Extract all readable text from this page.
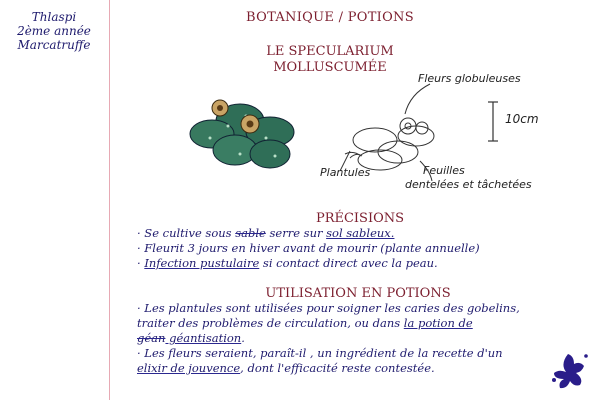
Thlaspi
2ème année
Marcatruffe
BOTANIQUE / POTIONS
LE SPECULARIUM
MOLLUSCUMÉE
Fleurs globuleuses
10cm
Plantules	Feuilles
dentelées et tâchetées
PRÉCISIONS
· Se cultive sous sable serre sur sol sableux.
· Fleurit 3 jours en hiver avant de mourir (plante annuelle)
· Infection pustulaire si contact direct avec la peau.
UTILISATION EN POTIONS
· Les plantules sont utilisées pour soigner les caries des gobelins,
traiter des problèmes de circulation, ou dans la potion de
géan géantisation.
· Les fleurs seraient, paraît-il , un ingrédient de la recette d'un
elixir de jouvence, dont l'efficacité reste contestée.
